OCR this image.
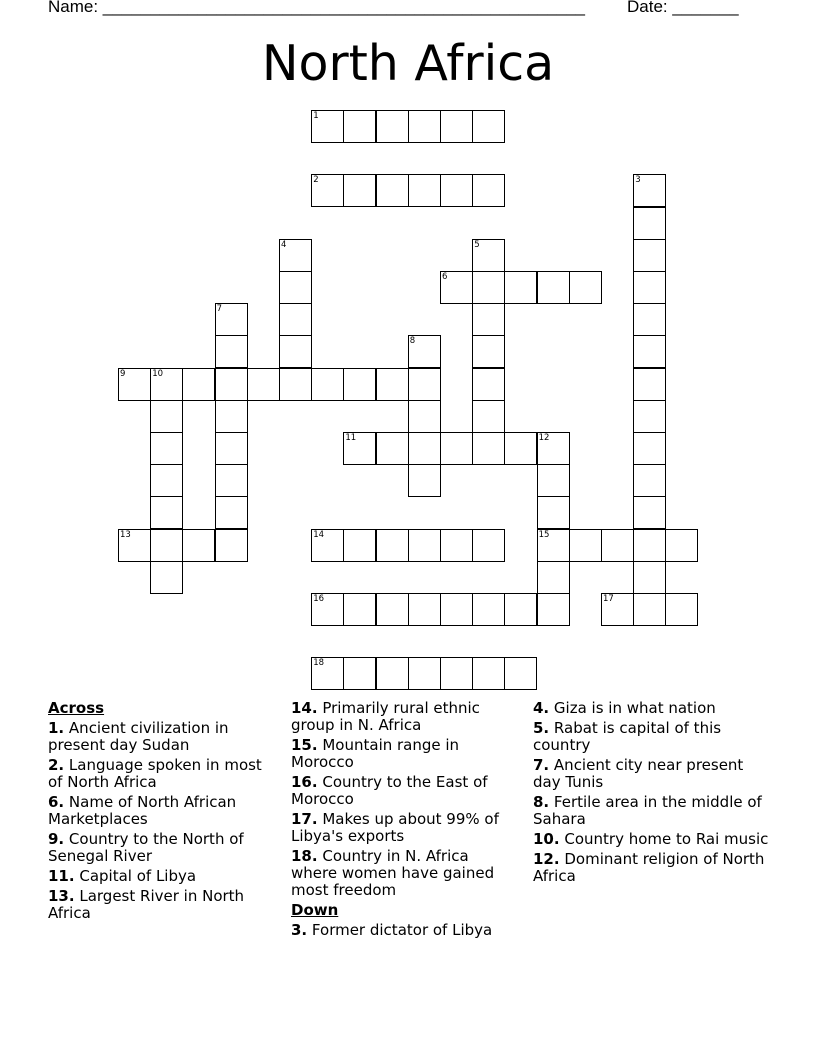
Name: ___________________________________________________ Date: _______
North Africa
1
2	3
4	5
6
7
8
9	10
11	12
15
13	14
16	17
18
Across
1. Ancient civilization in present day Sudan
2. Language spoken in most of North Africa
6. Name of North African Marketplaces
9. Country to the North of Senegal River
11. Capital of Libya
13. Largest River in North Africa
14. Primarily rural ethnic group in N. Africa
15. Mountain range in Morocco
16. Country to the East of Morocco
17. Makes up about 99% of Libya's exports
18. Country in N. Africa where women have gained most freedom
Down
3. Former dictator of Libya
4. Giza is in what nation
5. Rabat is capital of this country
7. Ancient city near present day Tunis
8. Fertile area in the middle of Sahara
10. Country home to Rai music
12. Dominant religion of North Africa
